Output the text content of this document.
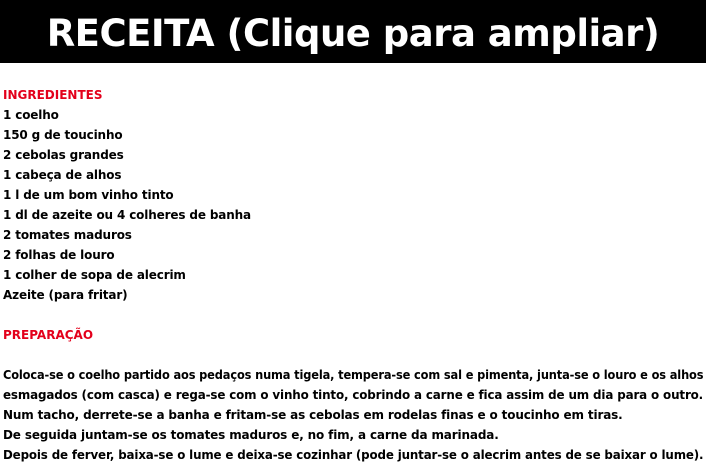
RECEITA (Clique para ampliar)
INGREDIENTES
1 coelho
150 g de toucinho
2 cebolas grandes
1 cabeça de alhos
1 l de um bom vinho tinto
1 dl de azeite ou 4 colheres de banha
2 tomates maduros
2 folhas de louro
1 colher de sopa de alecrim
Azeite (para fritar)
PREPARAÇÃO
Coloca-se o coelho partido aos pedaços numa tigela, tempera-se com sal e pimenta, junta-se o louro e os alhos
esmagados (com casca) e rega-se com o vinho tinto, cobrindo a carne e fica assim de um dia para o outro.
Num tacho, derrete-se a banha e fritam-se as cebolas em rodelas finas e o toucinho em tiras.
De seguida juntam-se os tomates maduros e, no fim, a carne da marinada.
Depois de ferver, baixa-se o lume e deixa-se cozinhar (pode juntar-se o alecrim antes de se baixar o lume).
